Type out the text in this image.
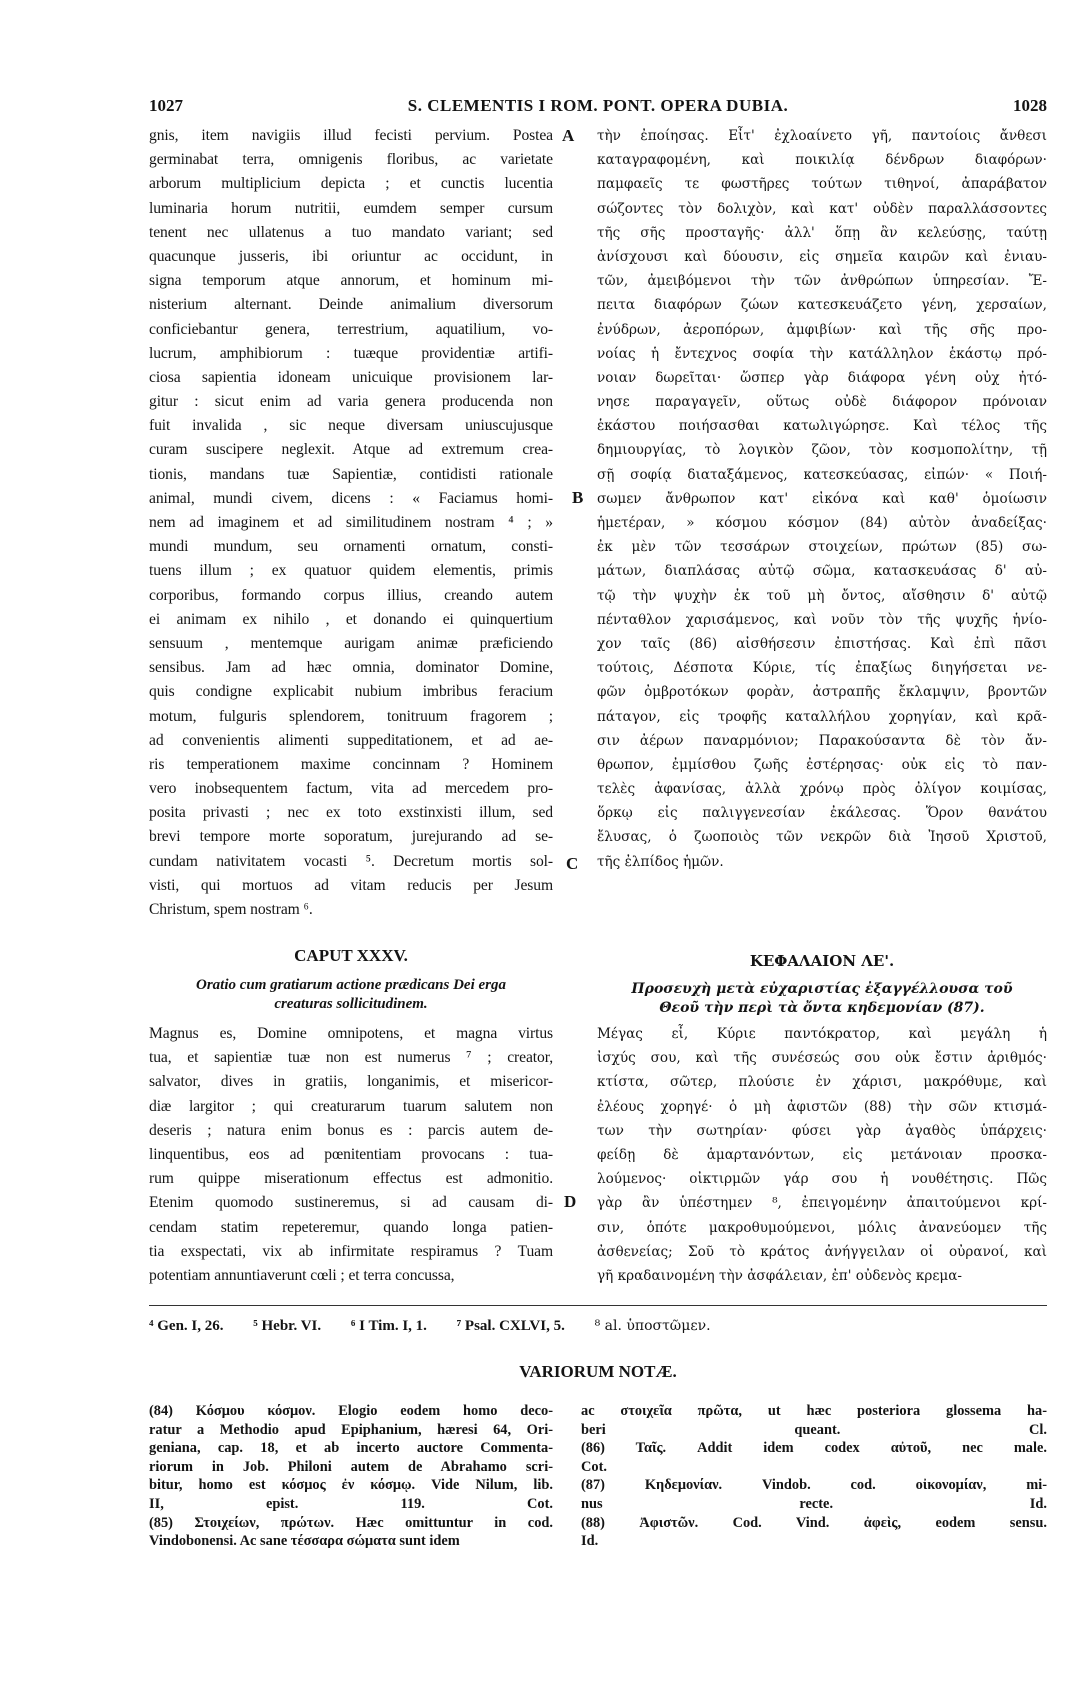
1027	S. CLEMENTIS I ROM. PONT. OPERA DUBIA.	1028
gnis, item navigiis illud fecisti pervium. Postea
germinabat terra, omnigenis floribus, ac varietate
arborum multiplicium depicta ; et cunctis lucentia
luminaria horum nutritii, eumdem semper cursum
tenent nec ullatenus a tuo mandato variant; sed
quacunque jusseris, ibi oriuntur ac occidunt, in
signa temporum atque annorum, et hominum mi-
nisterium alternant. Deinde animalium diversorum
conficiebantur genera, terrestrium, aquatilium, vo-
lucrum, amphibiorum : tuæque providentiæ artifi-
ciosa sapientia idoneam unicuique provisionem lar-
gitur : sicut enim ad varia genera producenda non
fuit invalida , sic neque diversam uniuscujusque
curam suscipere neglexit. Atque ad extremum crea-
tionis, mandans tuæ Sapientiæ, contidisti rationale
animal, mundi civem, dicens : « Faciamus homi-
nem ad imaginem et ad similitudinem nostram ⁴ ; »
mundi mundum, seu ornamenti ornatum, consti-
tuens illum ; ex quatuor quidem elementis, primis
corporibus, formando corpus illius, creando autem
ei animam ex nihilo , et donando ei quinquertium
sensuum , mentemque aurigam animæ præficiendo
sensibus. Jam ad hæc omnia, dominator Domine,
quis condigne explicabit nubium imbribus feracium
motum, fulguris splendorem, tonitruum fragorem ;
ad convenientis alimenti suppeditationem, et ad ae-
ris temperationem maxime concinnam ? Hominem
vero inobsequentem factum, vita ad mercedem pro-
posita privasti ; nec ex toto exstinxisti illum, sed
brevi tempore morte soporatum, jurejurando ad se-
cundam nativitatem vocasti ⁵. Decretum mortis sol-
visti, qui mortuos ad vitam reducis per Jesum
Christum, spem nostram ⁶.
τὴν ἐποίησας. Εἶτ' ἐχλοαίνετο γῆ, παντοίοις ἄνθεσι
καταγραφομένη, καὶ ποικιλίᾳ δένδρων διαφόρων·
παμφαεῖς τε φωστῆρες τούτων τιθηνοί, ἀπαράβατον
σώζοντες τὸν δολιχὸν, καὶ κατ' οὐδὲν παραλλάσσοντες
τῆς σῆς προσταγῆς· ἀλλ' ὅπῃ ἂν κελεύσῃς, ταύτῃ
ἀνίσχουσι καὶ δύουσιν, εἰς σημεῖα καιρῶν καὶ ἐνιαυ-
τῶν, ἀμειβόμενοι τὴν τῶν ἀνθρώπων ὑπηρεσίαν. Ἔ-
πειτα διαφόρων ζώων κατεσκευάζετο γένη, χερσαίων,
ἐνύδρων, ἀεροπόρων, ἀμφιβίων· καὶ τῆς σῆς προ-
νοίας ἡ ἔντεχνος σοφία τὴν κατάλληλον ἑκάστῳ πρό-
νοιαν δωρεῖται· ὥσπερ γὰρ διάφορα γένη οὐχ ἠτό-
νησε παραγαγεῖν, οὕτως οὐδὲ διάφορον πρόνοιαν
ἑκάστου ποιήσασθαι κατωλιγώρησε. Καὶ τέλος τῆς
δημιουργίας, τὸ λογικὸν ζῶον, τὸν κοσμοπολίτην, τῇ
σῇ σοφίᾳ διαταξάμενος, κατεσκεύασας, εἰπών· « Ποιή-
σωμεν ἄνθρωπον κατ' εἰκόνα καὶ καθ' ὁμοίωσιν
ἡμετέραν, » κόσμου κόσμον (84) αὐτὸν ἀναδείξας·
ἐκ μὲν τῶν τεσσάρων στοιχείων, πρώτων (85) σω-
μάτων, διαπλάσας αὐτῷ σῶμα, κατασκευάσας δ' αὐ-
τῷ τὴν ψυχὴν ἐκ τοῦ μὴ ὄντος, αἴσθησιν δ' αὐτῷ
πένταθλον χαρισάμενος, καὶ νοῦν τὸν τῆς ψυχῆς ἡνίο-
χον ταῖς (86) αἰσθήσεσιν ἐπιστήσας. Καὶ ἐπὶ πᾶσι
τούτοις, Δέσποτα Κύριε, τίς ἐπαξίως διηγήσεται νε-
φῶν ὀμβροτόκων φορὰν, ἀστραπῆς ἔκλαμψιν, βροντῶν
πάταγον, εἰς τροφῆς καταλλήλου χορηγίαν, καὶ κρᾶ-
σιν ἀέρων παναρμόνιον; Παρακούσαντα δὲ τὸν ἄν-
θρωπον, ἐμμίσθου ζωῆς ἐστέρησας· οὐκ εἰς τὸ παν-
τελὲς ἀφανίσας, ἀλλὰ χρόνῳ πρὸς ὀλίγον κοιμίσας,
ὅρκῳ εἰς παλιγγενεσίαν ἐκάλεσας. Ὅρον θανάτου
ἔλυσας, ὁ ζωοποιὸς τῶν νεκρῶν διὰ Ἰησοῦ Χριστοῦ,
τῆς ἐλπίδος ἡμῶν.
A
B
C
D
CAPUT XXXV.
Oratio cum gratiarum actione prædicans Dei erga
creaturas sollicitudinem.
ΚΕΦΑΛΑΙΟΝ ΛΕ'.
Προσευχὴ μετὰ εὐχαριστίας ἐξαγγέλλουσα τοῦ
Θεοῦ τὴν περὶ τὰ ὄντα κηδεμονίαν (87).
Magnus es, Domine omnipotens, et magna virtus
tua, et sapientiæ tuæ non est numerus ⁷ ; creator,
salvator, dives in gratiis, longanimis, et misericor-
diæ largitor ; qui creaturarum tuarum salutem non
deseris ; natura enim bonus es : parcis autem de-
linquentibus, eos ad pœnitentiam provocans : tua-
rum quippe miserationum effectus est admonitio.
Etenim quomodo sustineremus, si ad causam di-
cendam statim repeteremur, quando longa patien-
tia exspectati, vix ab infirmitate respiramus ? Tuam
potentiam annuntiaverunt cœli ; et terra concussa,
Μέγας εἶ, Κύριε παντόκρατορ, καὶ μεγάλη ἡ
ἰσχύς σου, καὶ τῆς συνέσεώς σου οὐκ ἔστιν ἀριθμός·
κτίστα, σῶτερ, πλούσιε ἐν χάρισι, μακρόθυμε, καὶ
ἐλέους χορηγέ· ὁ μὴ ἀφιστῶν (88) τὴν σῶν κτισμά-
των τὴν σωτηρίαν· φύσει γὰρ ἀγαθὸς ὑπάρχεις·
φείδῃ δὲ ἁμαρτανόντων, εἰς μετάνοιαν προσκα-
λούμενος· οἰκτιρμῶν γάρ σου ἡ νουθέτησις. Πῶς
γὰρ ἂν ὑπέστημεν ⁸, ἐπειγομένην ἀπαιτούμενοι κρί-
σιν, ὁπότε μακροθυμούμενοι, μόλις ἀνανεύομεν τῆς
ἀσθενείας; Σοῦ τὸ κράτος ἀνήγγειλαν οἱ οὐρανοί, καὶ
γῆ κραδαινομένη τὴν ἀσφάλειαν, ἐπ' οὐδενὸς κρεμα-
⁴ Gen. I, 26. ⁵ Hebr. VI. ⁶ I Tim. I, 1. ⁷ Psal. CXLVI, 5. ⁸ al. ὑποστῶμεν.
VARIORUM NOTÆ.
(84) Κόσμου κόσμον. Elogio eodem homo deco-
ratur a Methodio apud Epiphanium, hæresi 64, Ori-
geniana, cap. 18, et ab incerto auctore Commenta-
riorum in Job. Philoni autem de Abrahamo scri-
bitur, homo est κόσμος ἐν κόσμῳ. Vide Nilum, lib.
II, epist. 119. Cot.
(85) Στοιχείων, πρώτων. Hæc omittuntur in cod.
Vindobonensi. Ac sane τέσσαρα σώματα sunt idem
ac στοιχεῖα πρῶτα, ut hæc posteriora glossema ha-
beri queant. Cl.
(86) Ταῖς. Addit idem codex αὐτοῦ, nec male.
Cot.
(87) Κηδεμονίαν. Vindob. cod. οἰκονομίαν, mi-
nus recte. Id.
(88) Ἀφιστῶν. Cod. Vind. ἀφεὶς, eodem sensu.
Id.
